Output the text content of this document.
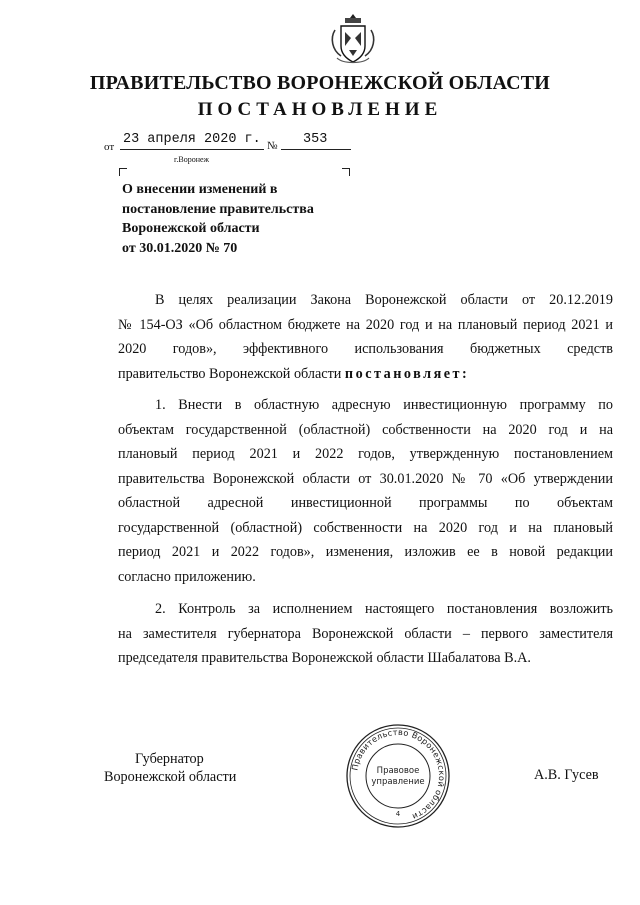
ПРАВИТЕЛЬСТВО ВОРОНЕЖСКОЙ ОБЛАСТИ
ПОСТАНОВЛЕНИЕ
от 23 апреля 2020 г. № 353
г.Воронеж
О внесении изменений в
постановление правительства
Воронежской области
от 30.01.2020 № 70
В целях реализации Закона Воронежской области от 20.12.2019
№ 154-ОЗ «Об областном бюджете на 2020 год и на плановый период 2021 и
2020 годов», эффективного использования бюджетных средств
правительство Воронежской области постановляет:
1. Внести в областную адресную инвестиционную программу по
объектам государственной (областной) собственности на 2020 год и на
плановый период 2021 и 2022 годов, утвержденную постановлением
правительства Воронежской области от 30.01.2020 № 70 «Об утверждении
областной адресной инвестиционной программы по объектам
государственной (областной) собственности на 2020 год и на плановый
период 2021 и 2022 годов», изменения, изложив ее в новой редакции
согласно приложению.
2. Контроль за исполнением настоящего постановления возложить
на заместителя губернатора Воронежской области – первого заместителя
председателя правительства Воронежской области Шабалатова В.А.
Губернатор
Воронежской области
Правительство Воронежской области
Правовое
управление
4
А.В. Гусев
